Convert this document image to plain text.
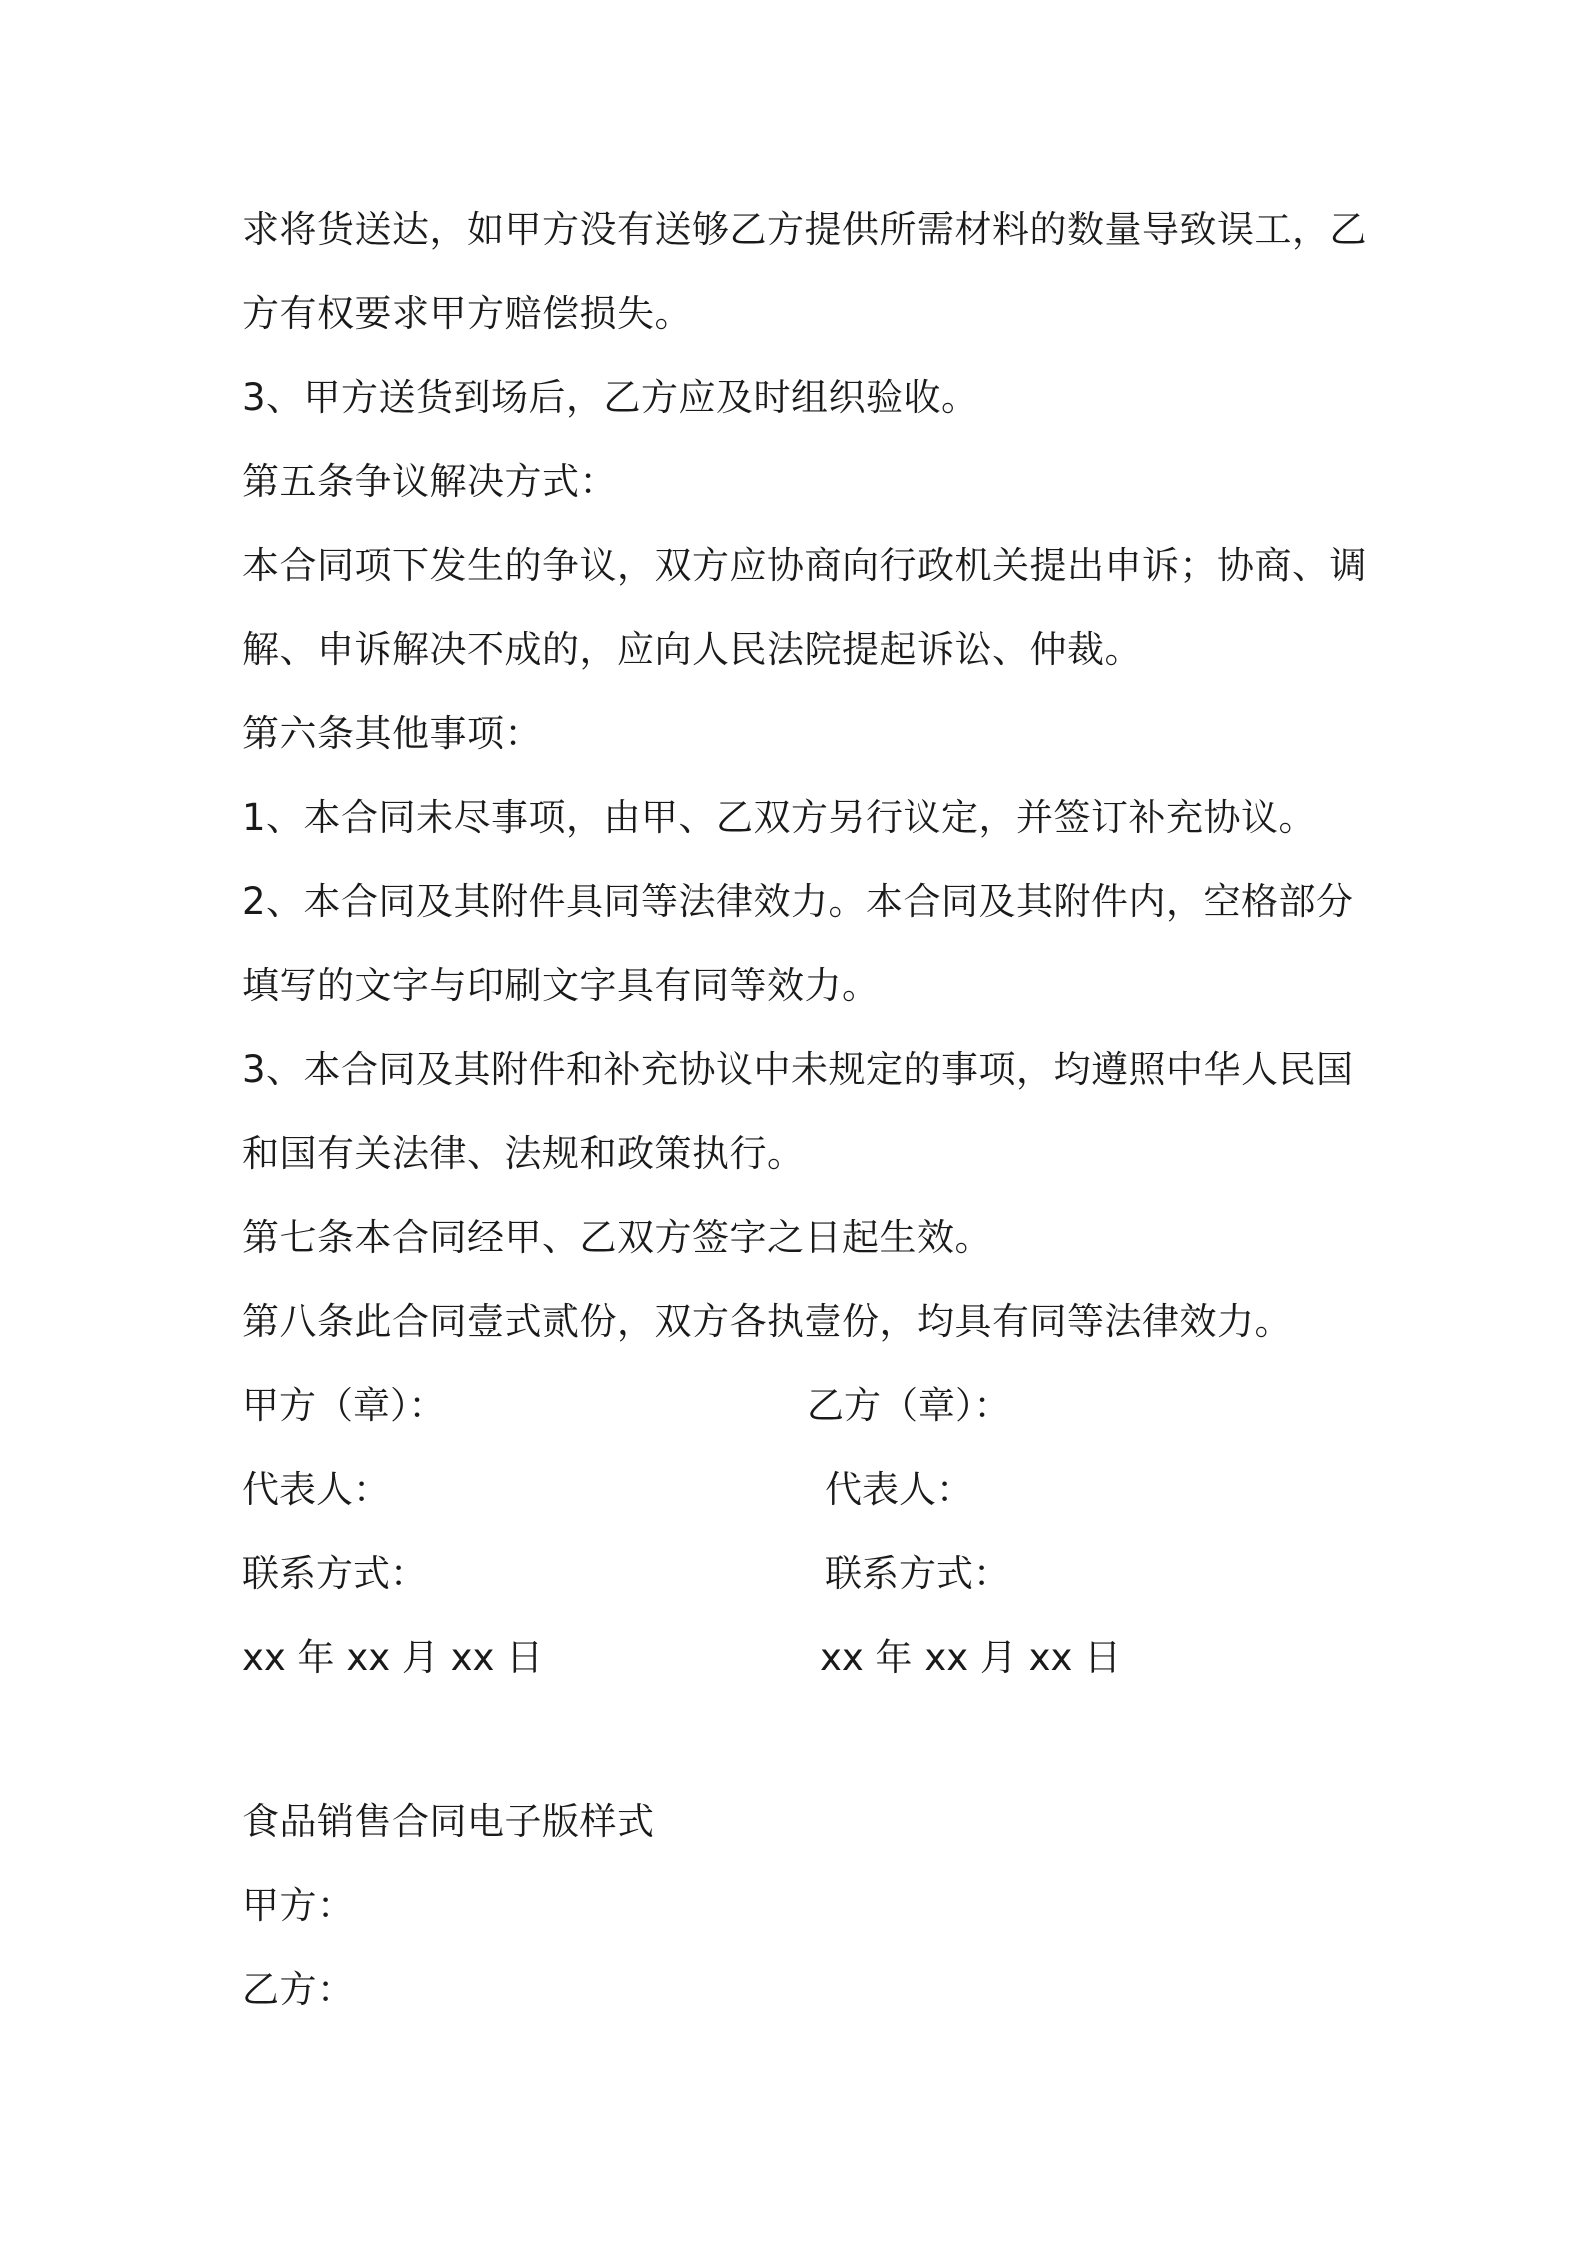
求将货送达，如甲方没有送够乙方提供所需材料的数量导致误工，乙
方有权要求甲方赔偿损失。
3、甲方送货到场后，乙方应及时组织验收。
第五条争议解决方式：
本合同项下发生的争议，双方应协商向行政机关提出申诉；协商、调
解、申诉解决不成的，应向人民法院提起诉讼、仲裁。
第六条其他事项：
1、本合同未尽事项，由甲、乙双方另行议定，并签订补充协议。
2、本合同及其附件具同等法律效力。本合同及其附件内，空格部分
填写的文字与印刷文字具有同等效力。
3、本合同及其附件和补充协议中未规定的事项，均遵照中华人民国
和国有关法律、法规和政策执行。
第七条本合同经甲、乙双方签字之日起生效。
第八条此合同壹式贰份，双方各执壹份，均具有同等法律效力。
甲方（章）：	乙方（章）：
代表人：	代表人：
联系方式：	联系方式：
xx 年 xx 月 xx 日	xx 年 xx 月 xx 日
食品销售合同电子版样式
甲方：
乙方：
